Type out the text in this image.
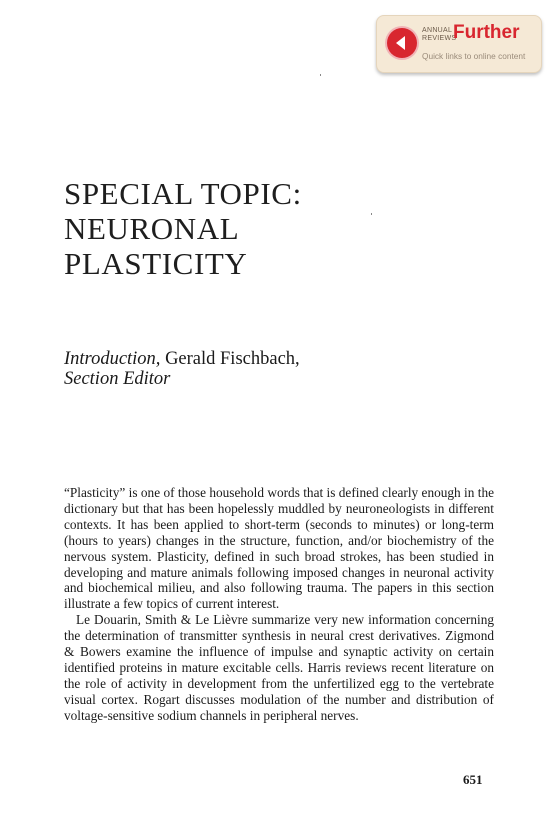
ANNUAL
REVIEWS
Further
Quick links to online content
SPECIAL TOPIC:
NEURONAL
PLASTICITY
Introduction, Gerald Fischbach,
Section Editor

“Plasticity” is one of those household words that is defined clearly enough in the dictionary but that has been hopelessly muddled by neuroneologists in different contexts. It has been applied to short-term (seconds to minutes) or long-term (hours to years) changes in the structure, function, and/or biochemistry of the nervous system. Plasticity, defined in such broad strokes, has been studied in developing and mature animals following imposed changes in neuronal activity and biochemical milieu, and also following trauma. The papers in this section illustrate a few topics of current interest.

Le Douarin, Smith & Le Lièvre summarize very new information concerning the determination of transmitter synthesis in neural crest derivatives. Zigmond & Bowers examine the influence of impulse and synaptic activity on certain identified proteins in mature excitable cells. Harris reviews recent literature on the role of activity in development from the unfertilized egg to the vertebrate visual cortex. Rogart discusses modulation of the number and distribution of voltage-sensitive sodium channels in peripheral nerves.

651
